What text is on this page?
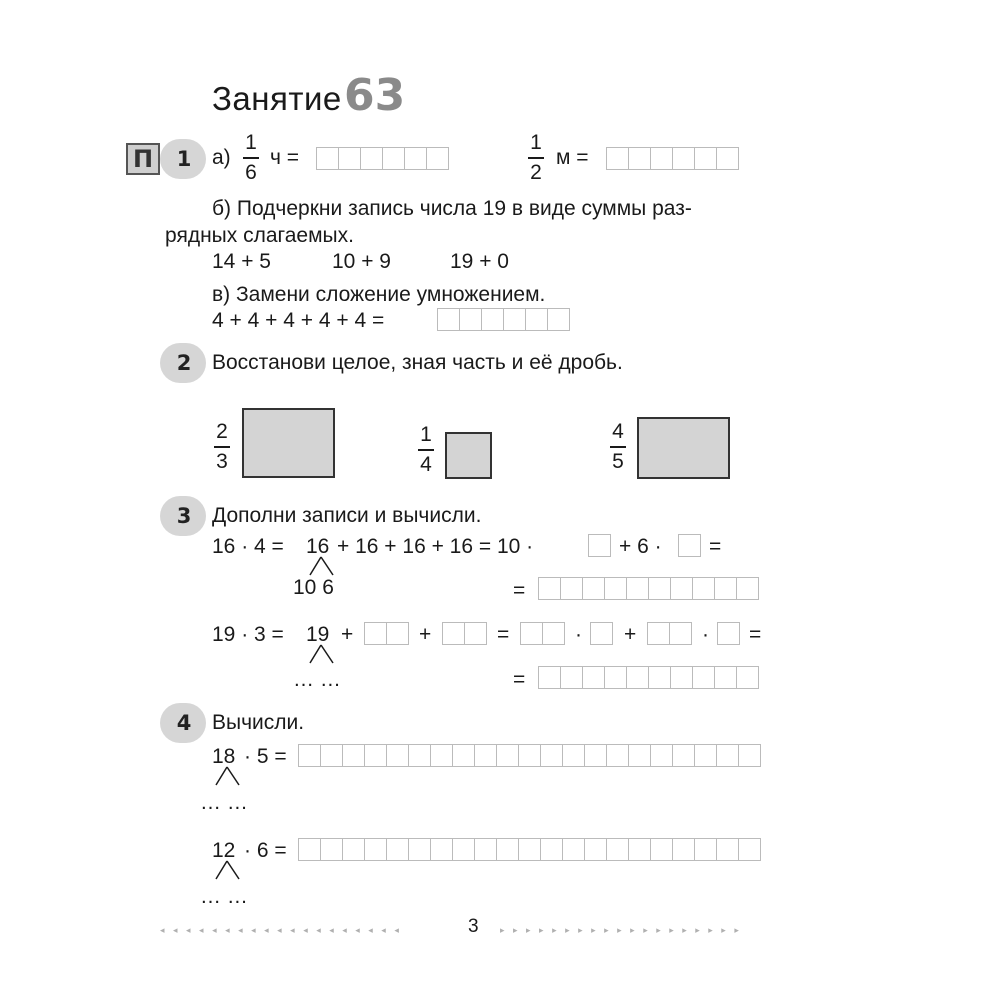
Занятие 63
П 1 а)
1
6
ч =
1
2
м =
б) Подчеркни запись числа 19 в виде суммы раз-
рядных слагаемых.
14 + 5	10 + 9	19 + 0
в) Замени сложение умножением.
4 + 4 + 4 + 4 + 4 =
2 Восстанови целое, зная часть и её дробь.
2
3
1
4
4
5
3 Дополни записи и вычисли.
16 · 4 = 16 + 16 + 16 + 16 = 10 ·	+ 6 · =
10 6	=
19 · 3 = 19 +	+	=	· +	· =
… …	=
4 Вычисли.
18 · 5 =
… …
12 · 6 =
… …
◂ ◂ ◂ ◂ ◂ ◂ ◂ ◂ ◂ ◂ ◂ ◂ ◂ ◂ ◂ ◂ ◂ ◂ ◂	3 ▸ ▸ ▸ ▸ ▸ ▸ ▸ ▸ ▸ ▸ ▸ ▸ ▸ ▸ ▸ ▸ ▸ ▸ ▸
